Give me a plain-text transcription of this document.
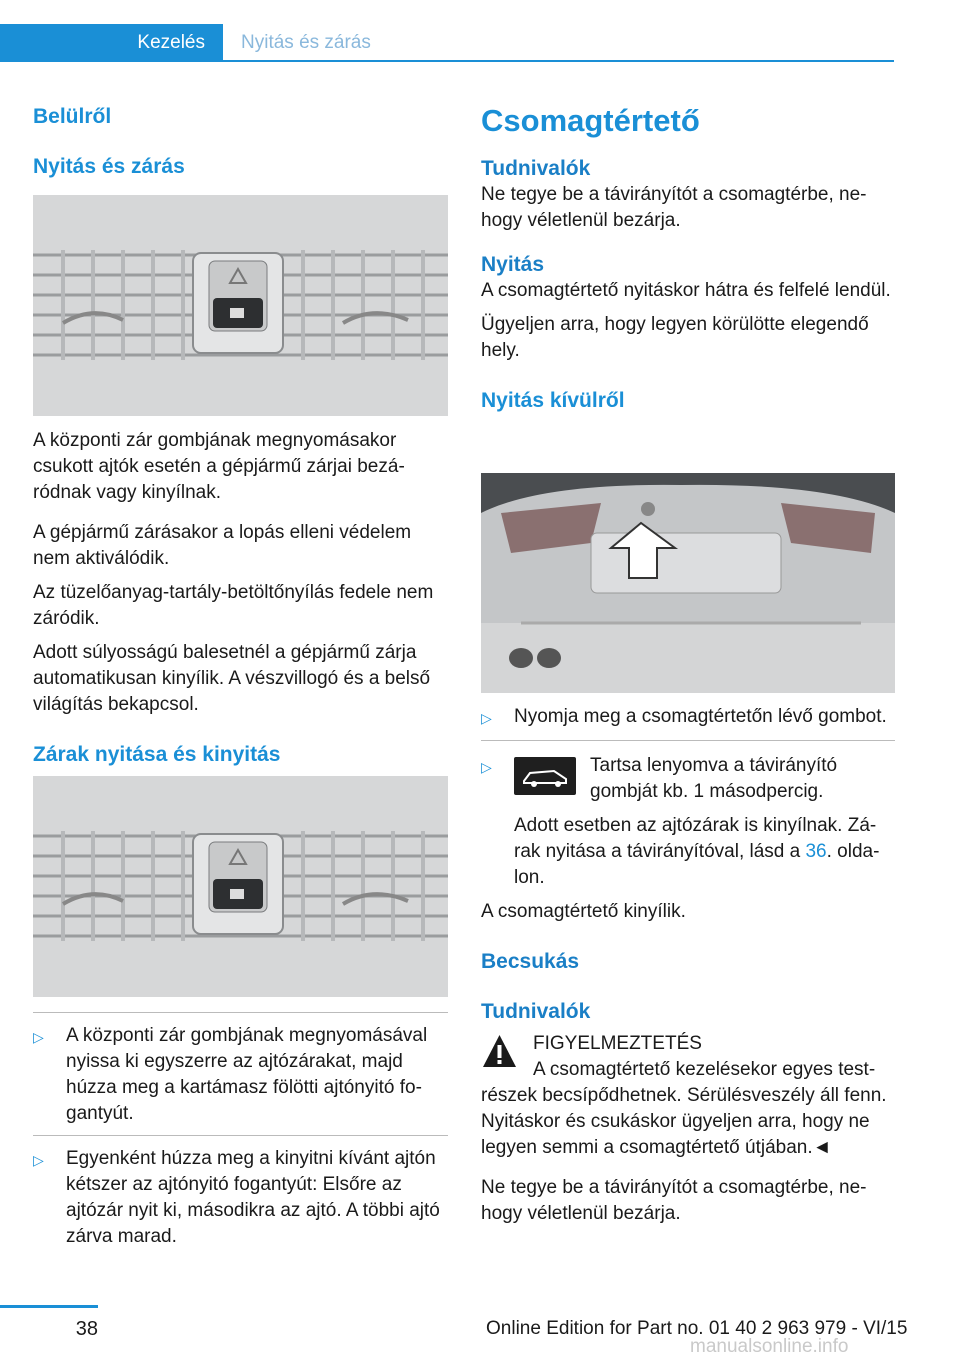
Kezelés Nyitás és zárás
Belülről
Nyitás és zárás

A központi zár gombjának megnyomásakor csukott ajtók esetén a gépjármű zárjai bezáródnak vagy kinyílnak.

A gépjármű zárásakor a lopás elleni védelem nem aktiválódik.

Az tüzelőanyag-tartály-betöltőnyílás fedele nem záródik.

Adott súlyosságú balesetnél a gépjármű zárja automatikusan kinyílik. A vészvillogó és a belső világítás bekapcsol.

Zárak nyitása és kinyitás
▷ A központi zár gombjának megnyomásával nyissa ki egyszerre az ajtózárakat, majd húzza meg a kartámasz fölötti ajtónyitó fogantyút.
▷ Egyenként húzza meg a kinyitni kívánt ajtón kétszer az ajtónyitó fogantyút: Elsőre az ajtózár nyit ki, másodikra az ajtó. A többi ajtó zárva marad.
Csomagtértető
Tudnivalók

Ne tegye be a távirányítót a csomagtérbe, nehogy véletlenül bezárja.

Nyitás

A csomagtértető nyitáskor hátra és felfelé lendül.

Ügyeljen arra, hogy legyen körülötte elegendő hely.

Nyitás kívülről
▷ Nyomja meg a csomagtértetőn lévő gombot.
▷	Tartsa lenyomva a távirányító gombját kb. 1 másodpercig.

Adott esetben az ajtózárak is kinyílnak. Zárak nyitása a távirányítóval, lásd a 36. oldalon.

A csomagtértető kinyílik.

Becsukás
Tudnivalók

FIGYELMEZTETÉS

A csomagtértető kezelésekor egyes testrészek becsípődhetnek. Sérülésveszély áll fenn. Nyitáskor és csukáskor ügyeljen arra, hogy ne legyen semmi a csomagtértető útjában.◄

Ne tegye be a távirányítót a csomagtérbe, nehogy véletlenül bezárja.

38	Online Edition for Part no. 01 40 2 963 979 - VI/15
manualsonline.info
